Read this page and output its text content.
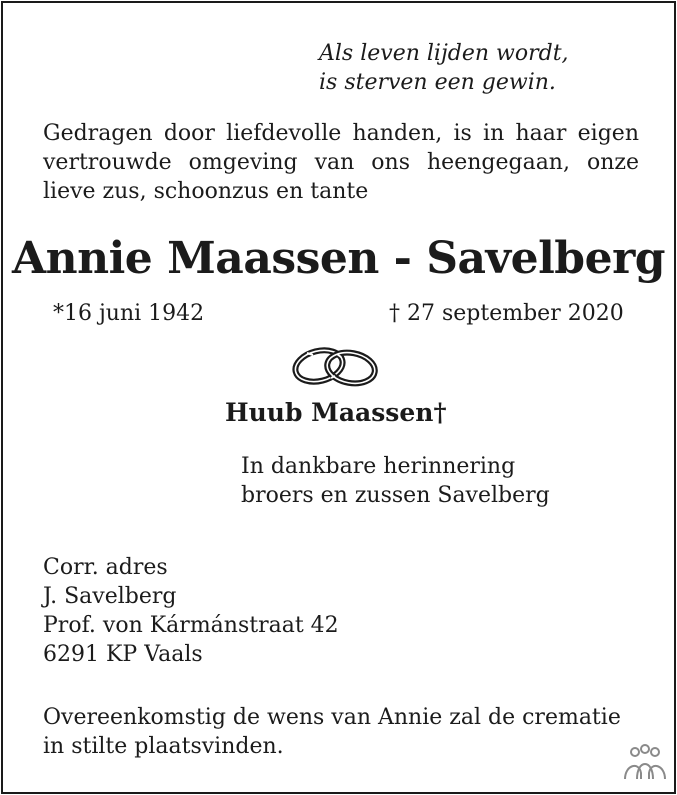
Als leven lijden wordt,
is sterven een gewin.
Gedragen door liefdevolle handen, is in haar eigen
vertrouwde omgeving van ons heengegaan, onze
lieve zus, schoonzus en tante
Annie Maassen - Savelberg
*16 juni 1942	† 27 september 2020
Huub Maassen†
In dankbare herinnering
broers en zussen Savelberg
Corr. adres
J. Savelberg
Prof. von Kármánstraat 42
6291 KP Vaals
Overeenkomstig de wens van Annie zal de crematie
in stilte plaatsvinden.
